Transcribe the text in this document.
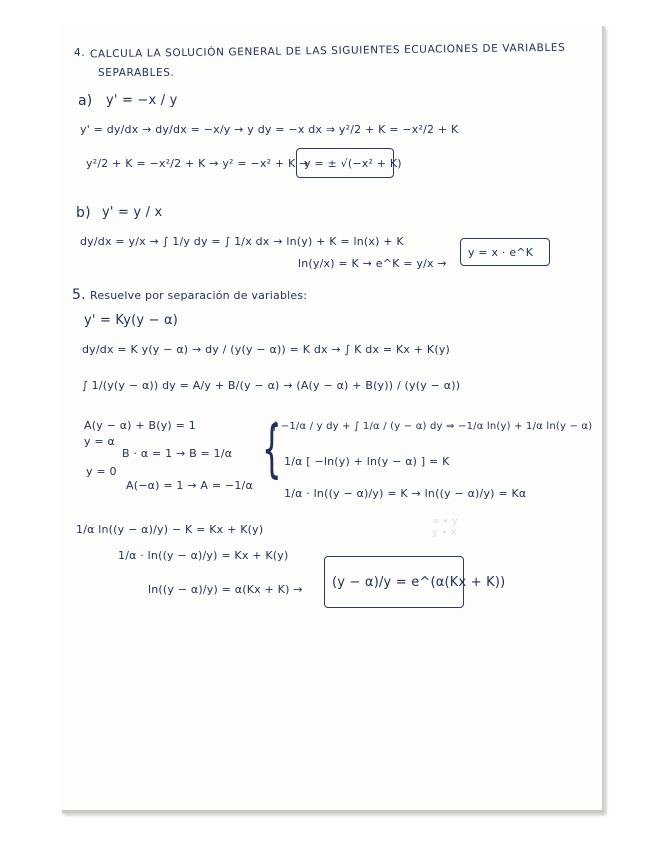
4. CALCULA LA SOLUCIÓN GENERAL DE LAS SIGUIENTES ECUACIONES DE VARIABLES
SEPARABLES.
a) y' = −x / y
y' = dy/dx → dy/dx = −x/y → y dy = −x dx ⇒ y²/2 + K = −x²/2 + K
y²/2 + K = −x²/2 + K → y² = −x² + K →
y = ± √(−x² + K)
b) y' = y / x
dy/dx = y/x → ∫ 1/y dy = ∫ 1/x dx → ln(y) + K = ln(x) + K
ln(y/x) = K → e^K = y/x →
y = x · e^K
5. Resuelve por separación de variables:
y' = Ky(y − α)
dy/dx = K y(y − α) → dy / (y(y − α)) = K dx → ∫ K dx = Kx + K(y)
∫ 1/(y(y − α)) dy = A/y + B/(y − α) → (A(y − α) + B(y)) / (y(y − α))
A(y − α) + B(y) = 1
y = α
B · α = 1 → B = 1/α
y = 0
A(−α) = 1 → A = −1/α
{
∫ −1/α / y dy + ∫ 1/α / (y − α) dy ⇒ −1/α ln(y) + 1/α ln(y − α)
1/α [ −ln(y) + ln(y − α) ] = K
1/α · ln((y − α)/y) = K → ln((y − α)/y) = Kα
∝ ∙ y
y ∙ x
1/α ln((y − α)/y) − K = Kx + K(y)
1/α · ln((y − α)/y) = Kx + K(y)
ln((y − α)/y) = α(Kx + K) → (y − α)/y = e^(α(Kx + K))
